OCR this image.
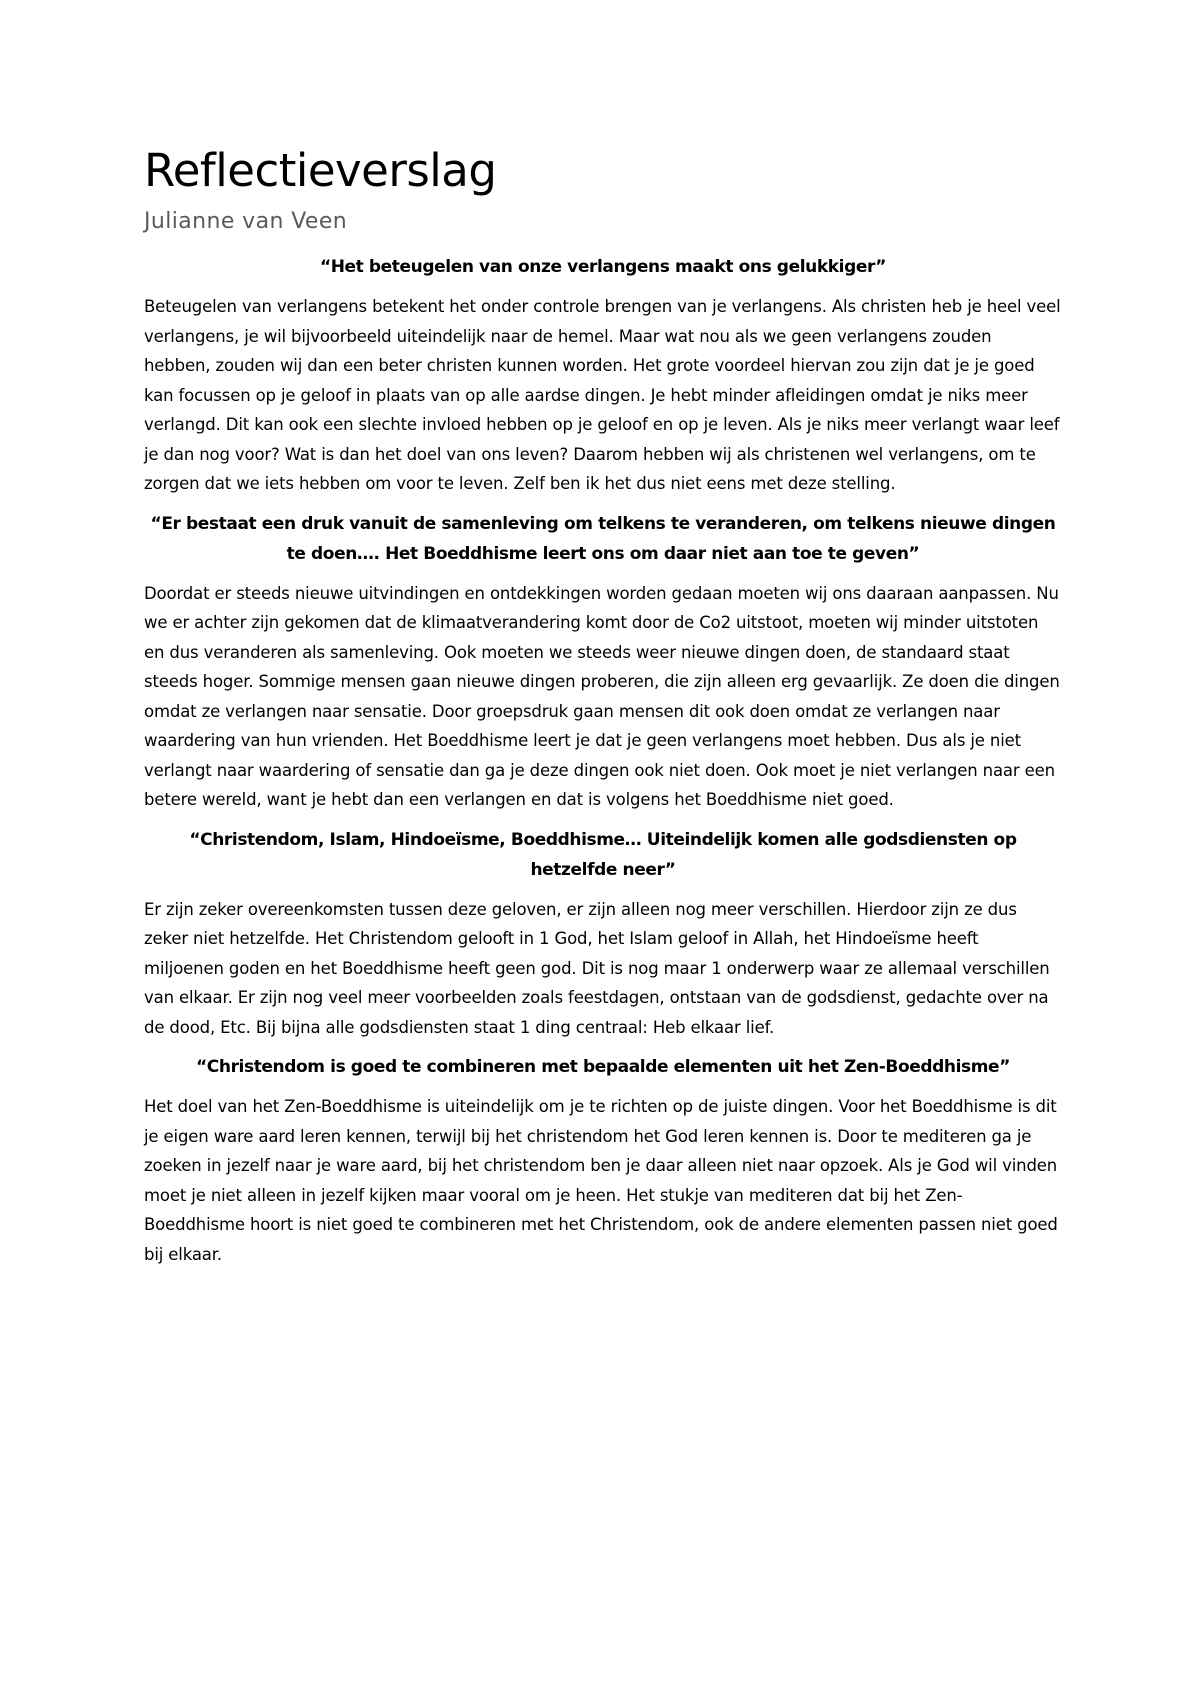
Reflectieverslag
Julianne van Veen
“Het beteugelen van onze verlangens maakt ons gelukkiger”

Beteugelen van verlangens betekent het onder controle brengen van je verlangens. Als christen heb je heel veel verlangens, je wil bijvoorbeeld uiteindelijk naar de hemel. Maar wat nou als we geen verlangens zouden hebben, zouden wij dan een beter christen kunnen worden. Het grote voordeel hiervan zou zijn dat je je goed kan focussen op je geloof in plaats van op alle aardse dingen. Je hebt minder afleidingen omdat je niks meer verlangd. Dit kan ook een slechte invloed hebben op je geloof en op je leven. Als je niks meer verlangt waar leef je dan nog voor? Wat is dan het doel van ons leven? Daarom hebben wij als christenen wel verlangens, om te zorgen dat we iets hebben om voor te leven. Zelf ben ik het dus niet eens met deze stelling.

“Er bestaat een druk vanuit de samenleving om telkens te veranderen, om telkens nieuwe dingen te doen…. Het Boeddhisme leert ons om daar niet aan toe te geven”

Doordat er steeds nieuwe uitvindingen en ontdekkingen worden gedaan moeten wij ons daaraan aanpassen. Nu we er achter zijn gekomen dat de klimaatverandering komt door de Co2 uitstoot, moeten wij minder uitstoten en dus veranderen als samenleving. Ook moeten we steeds weer nieuwe dingen doen, de standaard staat steeds hoger. Sommige mensen gaan nieuwe dingen proberen, die zijn alleen erg gevaarlijk. Ze doen die dingen omdat ze verlangen naar sensatie. Door groepsdruk gaan mensen dit ook doen omdat ze verlangen naar waardering van hun vrienden. Het Boeddhisme leert je dat je geen verlangens moet hebben. Dus als je niet verlangt naar waardering of sensatie dan ga je deze dingen ook niet doen. Ook moet je niet verlangen naar een betere wereld, want je hebt dan een verlangen en dat is volgens het Boeddhisme niet goed.

“Christendom, Islam, Hindoeïsme, Boeddhisme… Uiteindelijk komen alle godsdiensten op hetzelfde neer”

Er zijn zeker overeenkomsten tussen deze geloven, er zijn alleen nog meer verschillen. Hierdoor zijn ze dus zeker niet hetzelfde. Het Christendom gelooft in 1 God, het Islam geloof in Allah, het Hindoeïsme heeft miljoenen goden en het Boeddhisme heeft geen god. Dit is nog maar 1 onderwerp waar ze allemaal verschillen van elkaar. Er zijn nog veel meer voorbeelden zoals feestdagen, ontstaan van de godsdienst, gedachte over na de dood, Etc. Bij bijna alle godsdiensten staat 1 ding centraal: Heb elkaar lief.

“Christendom is goed te combineren met bepaalde elementen uit het Zen-Boeddhisme”

Het doel van het Zen-Boeddhisme is uiteindelijk om je te richten op de juiste dingen. Voor het Boeddhisme is dit je eigen ware aard leren kennen, terwijl bij het christendom het God leren kennen is. Door te mediteren ga je zoeken in jezelf naar je ware aard, bij het christendom ben je daar alleen niet naar opzoek. Als je God wil vinden moet je niet alleen in jezelf kijken maar vooral om je heen. Het stukje van mediteren dat bij het Zen-Boeddhisme hoort is niet goed te combineren met het Christendom, ook de andere elementen passen niet goed bij elkaar.
